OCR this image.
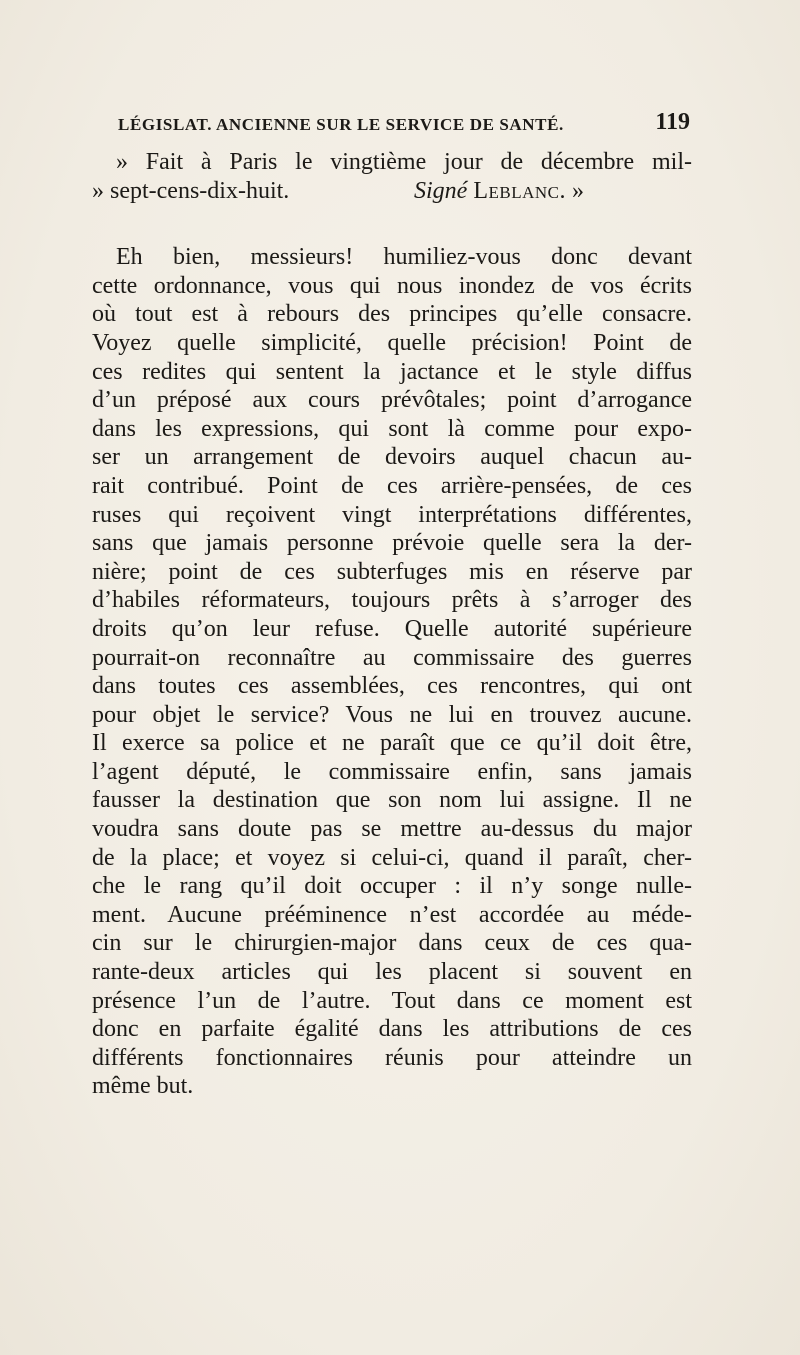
LÉGISLAT. ANCIENNE SUR LE SERVICE DE SANTÉ.	119
» Fait à Paris le vingtième jour de décembre mil-
» sept-cens-dix-huit.	Signé Leblanc. »
Eh bien, messieurs! humiliez-vous donc devant
cette ordonnance, vous qui nous inondez de vos écrits
où tout est à rebours des principes qu’elle consacre.
Voyez quelle simplicité, quelle précision! Point de
ces redites qui sentent la jactance et le style diffus
d’un préposé aux cours prévôtales; point d’arrogance
dans les expressions, qui sont là comme pour expo-
ser un arrangement de devoirs auquel chacun au-
rait contribué. Point de ces arrière-pensées, de ces
ruses qui reçoivent vingt interprétations différentes,
sans que jamais personne prévoie quelle sera la der-
nière; point de ces subterfuges mis en réserve par
d’habiles réformateurs, toujours prêts à s’arroger des
droits qu’on leur refuse. Quelle autorité supérieure
pourrait-on reconnaître au commissaire des guerres
dans toutes ces assemblées, ces rencontres, qui ont
pour objet le service? Vous ne lui en trouvez aucune.
Il exerce sa police et ne paraît que ce qu’il doit être,
l’agent député, le commissaire enfin, sans jamais
fausser la destination que son nom lui assigne. Il ne
voudra sans doute pas se mettre au-dessus du major
de la place; et voyez si celui-ci, quand il paraît, cher-
che le rang qu’il doit occuper : il n’y songe nulle-
ment. Aucune prééminence n’est accordée au méde-
cin sur le chirurgien-major dans ceux de ces qua-
rante-deux articles qui les placent si souvent en
présence l’un de l’autre. Tout dans ce moment est
donc en parfaite égalité dans les attributions de ces
différents fonctionnaires réunis pour atteindre un
même but.
